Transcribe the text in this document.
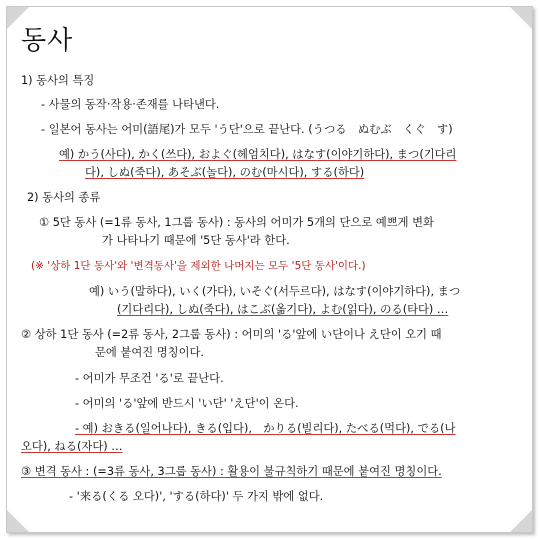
동사
1) 동사의 특징
- 사물의 동작·작용·존재를 나타낸다.
- 일본어 동사는 어미(語尾)가 모두 'う단'으로 끝난다. (うつる　ぬむぶ　くぐ　す)
예) かう(사다), かく(쓰다), およぐ(헤엄치다), はなす(이야기하다), まつ(기다리
다), しぬ(죽다), あそぶ(놀다), のむ(마시다), する(하다)
2) 동사의 종류
① 5단 동사 (=1류 동사, 1그룹 동사) : 동사의 어미가 5개의 단으로 예쁘게 변화
가 나타나기 때문에 '5단 동사'라 한다.
(※ '상하 1단 동사'와 '변격동사'을 제외한 나머지는 모두 '5단 동사'이다.)
예) いう(말하다), いく(가다), いそぐ(서두르다), はなす(이야기하다), まつ
(기다리다), しぬ(죽다), はこぶ(옮기다), よむ(읽다), のる(타다) …
② 상하 1단 동사 (=2류 동사, 2그룹 동사) : 어미의 'る'앞에 い단이나 え단이 오기 때
문에 붙여진 명칭이다.
- 어미가 무조건 'る'로 끝난다.
- 어미의 'る'앞에 반드시 'い단' 'え단'이 온다.
- 예) おきる(일어나다), きる(입다),　かりる(빌리다), たべる(먹다), でる(나
오다), ねる(자다) …
③ 변격 동사 : (=3류 동사, 3그룹 동사) : 활용이 불규칙하기 때문에 붙여진 명칭이다.
- '来る(くる 오다)', 'する(하다)' 두 가지 밖에 없다.
